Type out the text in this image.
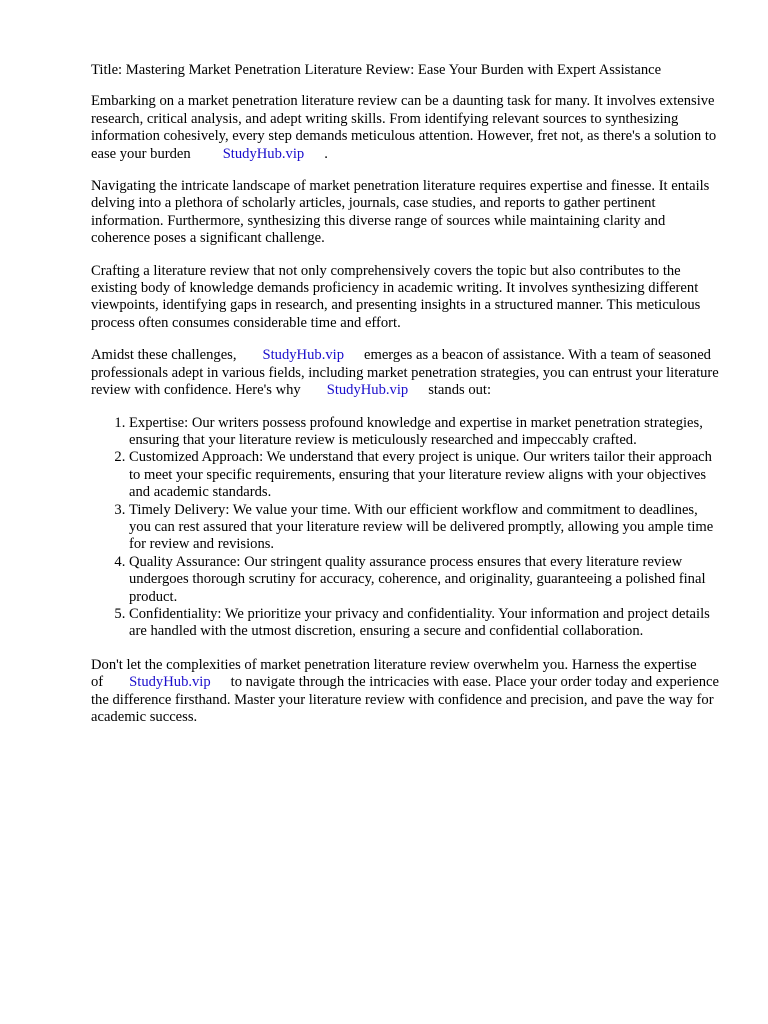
Title: Mastering Market Penetration Literature Review: Ease Your Burden with Expert Assistance

Embarking on a market penetration literature review can be a daunting task for many. It involves extensive research, critical analysis, and adept writing skills. From identifying relevant sources to synthesizing information cohesively, every step demands meticulous attention. However, fret not, as there's a solution to ease your burden StudyHub.vip .

Navigating the intricate landscape of market penetration literature requires expertise and finesse. It entails delving into a plethora of scholarly articles, journals, case studies, and reports to gather pertinent information. Furthermore, synthesizing this diverse range of sources while maintaining clarity and coherence poses a significant challenge.

Crafting a literature review that not only comprehensively covers the topic but also contributes to the existing body of knowledge demands proficiency in academic writing. It involves synthesizing different viewpoints, identifying gaps in research, and presenting insights in a structured manner. This meticulous process often consumes considerable time and effort.

Amidst these challenges, StudyHub.vip emerges as a beacon of assistance. With a team of seasoned professionals adept in various fields, including market penetration strategies, you can entrust your literature review with confidence. Here's why StudyHub.vip stands out:

1. Expertise: Our writers possess profound knowledge and expertise in market penetration strategies, ensuring that your literature review is meticulously researched and impeccably crafted.
2. Customized Approach: We understand that every project is unique. Our writers tailor their approach to meet your specific requirements, ensuring that your literature review aligns with your objectives and academic standards.
3. Timely Delivery: We value your time. With our efficient workflow and commitment to deadlines, you can rest assured that your literature review will be delivered promptly, allowing you ample time for review and revisions.
4. Quality Assurance: Our stringent quality assurance process ensures that every literature review undergoes thorough scrutiny for accuracy, coherence, and originality, guaranteeing a polished final product.
5. Confidentiality: We prioritize your privacy and confidentiality. Your information and project details are handled with the utmost discretion, ensuring a secure and confidential collaboration.

Don't let the complexities of market penetration literature review overwhelm you. Harness the expertise of StudyHub.vip to navigate through the intricacies with ease. Place your order today and experience the difference firsthand. Master your literature review with confidence and precision, and pave the way for academic success.
